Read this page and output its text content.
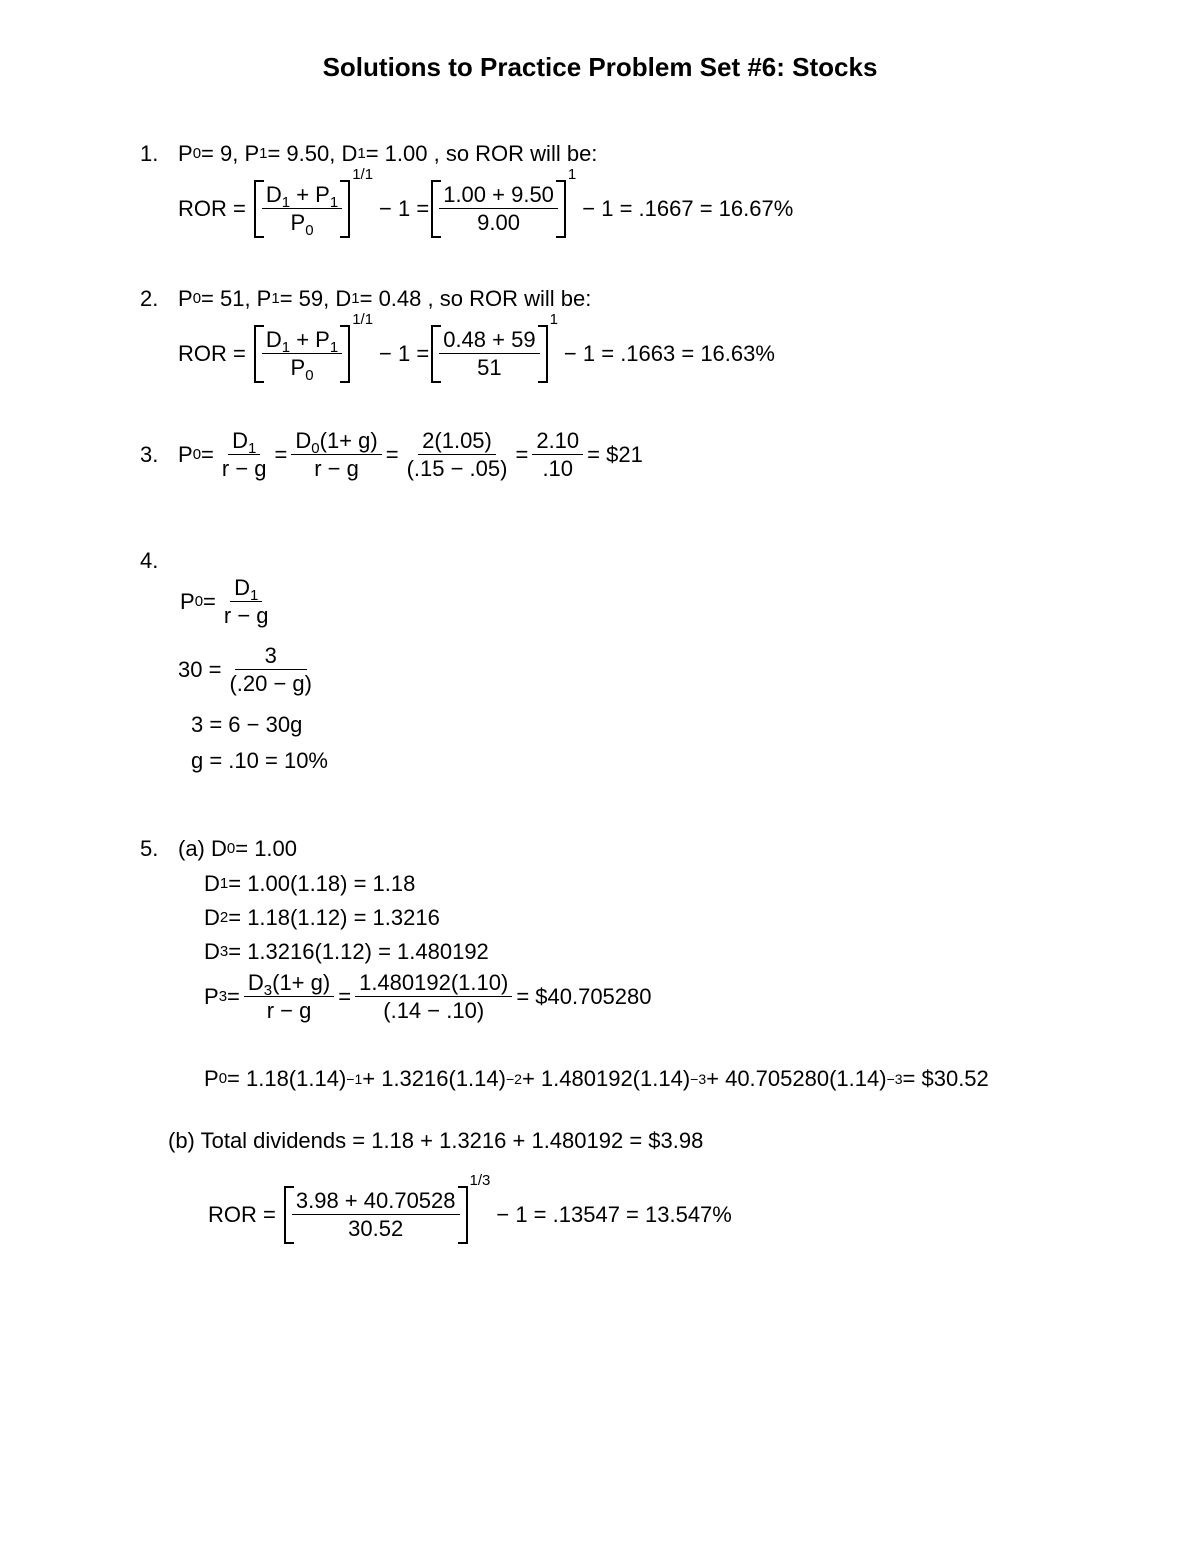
Solutions to Practice Problem Set #6: Stocks
1. P 0 = 9, P 1 = 9.50, D 1 = 1.00 , so ROR will be:
ROR = $\frac{D_1 + P_1}{P_0}$
1/1
− $1 = \frac{1.00 + 9.50}{9.00}$
1
− 1 = .1667 = 16.67%
2. P 0 = 51, P 1 = 59, D 1 = 0.48 , so ROR will be:
ROR = $\frac{D_1 + P_1}{P_0}$
1/1
− $1 = \frac{0.48 + 59}{51}$
1
− 1 = .1663 = 16.63%
3. P $0 = \frac{D_1}{r - g} = \frac{D_0(1+ g)}{r - g} = \frac{2(1.05)}{(.15 - .05)} = \frac{2.10}{.10}$ = $21
4.
P $0 = \frac{D_1}{r - g}$
$30 = \frac{3}{(.20 - g)}$
3 = 6 − 30g
g = .10 = 10%
5. (a) D 0 = 1.00
D 1 = 1.00(1.18) = 1.18
D 2 = 1.18(1.12) = 1.3216
D 3 = 1.3216(1.12) = 1.480192
P $3 = \frac{D_3(1+ g)}{r - g} = \frac{1.480192(1.10)}{(.14 - .10)}$ = $40.705280
P 0 = 1.18(1.14) −1 + 1.3216(1.14) −2 + 1.480192(1.14) −3 + 40.705280(1.14) −3 = $30.52
(b) Total dividends = 1.18 + 1.3216 + 1.480192 = $3.98
ROR = $\frac{3.98 + 40.70528}{30.52}$
1/3
− 1 = .13547 = 13.547%
